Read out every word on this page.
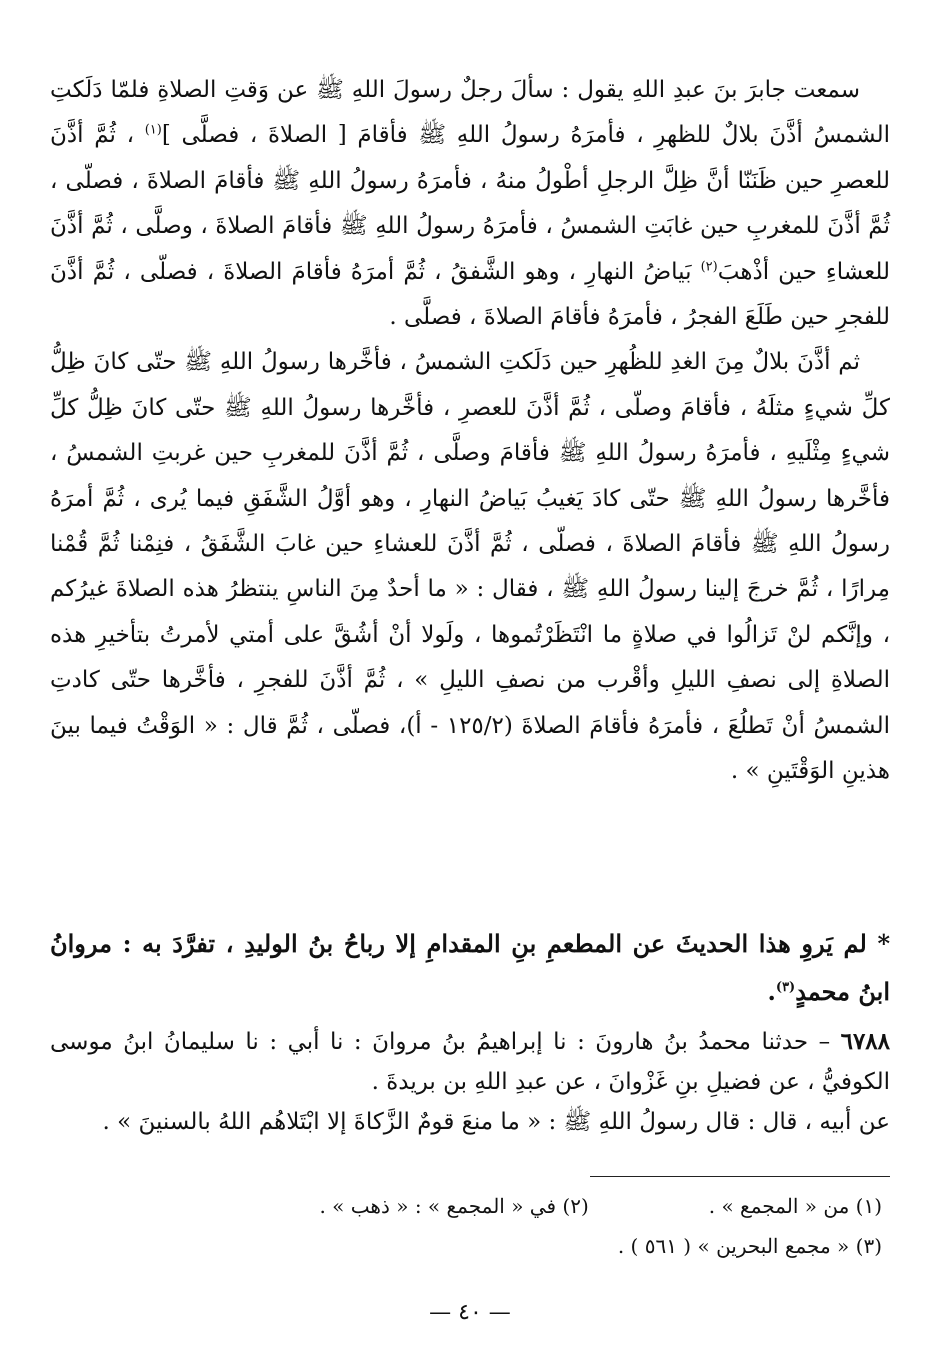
سمعت جابرَ بنَ عبدِ اللهِ يقول : سألَ رجلٌ رسولَ اللهِ ﷺ عن وَقتِ الصلاةِ فلمّا دَلَكتِ الشمسُ أذَّنَ بلالٌ للظهرِ ، فأمرَهُ رسولُ اللهِ ﷺ فأقامَ [ الصلاةَ ، فصلَّى ]$^{(١)}$ ، ثُمَّ أذَّنَ للعصرِ حين ظَنَنّا أنَّ ظِلَّ الرجلِ أطْولُ منهُ ، فأمرَهُ رسولُ اللهِ ﷺ فأقامَ الصلاةَ ، فصلّى ، ثُمَّ أذَّنَ للمغربِ حين غابَتِ الشمسُ ، فأمرَهُ رسولُ اللهِ ﷺ فأقامَ الصلاةَ ، وصلَّى ، ثُمَّ أذَّنَ للعشاءِ حين أذْهبَ$^{(٢)}$ بَياضُ النهارِ ، وهو الشَّفقُ ، ثُمَّ أمرَهُ فأقامَ الصلاةَ ، فصلّى ، ثُمَّ أذَّنَ للفجرِ حين طَلَعَ الفجرُ ، فأمرَهُ فأقامَ الصلاةَ ، فصلَّى .

ثم أذَّنَ بلالٌ مِنَ الغدِ للظُهرِ حين دَلَكتِ الشمسُ ، فأخَّرها رسولُ اللهِ ﷺ حتّى كانَ ظِلُّ كلِّ شيءٍ مثلَهُ ، فأقامَ وصلّى ، ثُمَّ أذَّنَ للعصرِ ، فأخَّرها رسولُ اللهِ ﷺ حتّى كانَ ظِلُّ كلِّ شيءٍ مِثْلَيهِ ، فأمرَهُ رسولُ اللهِ ﷺ فأقامَ وصلَّى ، ثُمَّ أذَّنَ للمغربِ حين غربتِ الشمسُ ، فأخَّرها رسولُ اللهِ ﷺ حتّى كادَ يَغيبُ بَياضُ النهارِ ، وهو أوَّلُ الشَّفَقِ فيما يُرى ، ثُمَّ أمرَهُ رسولُ اللهِ ﷺ فأقامَ الصلاةَ ، فصلّى ، ثُمَّ أذَّنَ للعشاءِ حين غابَ الشَّفَقُ ، فنِمْنا ثُمَّ قُمْنا مِرارًا ، ثُمَّ خرجَ إلينا رسولُ اللهِ ﷺ ، فقال : « ما أحدٌ مِنَ الناسِ ينتظرُ هذه الصلاةَ غيرُكم ، وإنَّكم لنْ تَزالُوا في صلاةٍ ما انْتَظَرْتُموها ، ولَولا أنْ أشُقَّ على أمتي لأمرتُ بتأخيرِ هذه الصلاةِ إلى نصفِ الليلِ وأقْرب من نصفِ الليلِ » ، ثُمَّ أذَّنَ للفجرِ ، فأخَّرها حتّى كادتِ الشمسُ أنْ تَطلُعَ ، فأمرَهُ فأقامَ الصلاةَ (١٢٥/٢ - أ)، فصلّى ، ثُمَّ قال : « الوَقْتُ فيما بينَ هذينِ الوَقْتَينِ » .

* لم يَروِ هذا الحديثَ عن المطعمِ بنِ المقدامِ إلا رباحُ بنُ الوليدِ ، تفرَّدَ به : مروانُ ابنُ محمدٍ$^{(٣)}$.

٦٧٨٨ – حدثنا محمدُ بنُ هارونَ : نا إبراهيمُ بنُ مروانَ : نا أبي : نا سليمانُ ابنُ موسى الكوفيُّ ، عن فضيلِ بنِ غَزْوانَ ، عن عبدِ اللهِ بن بريدةَ .

عن أبيه ، قال : قال رسولُ اللهِ ﷺ : « ما منعَ قومٌ الزَّكاةَ إلا ابْتَلاهُم اللهُ بالسنينَ » .

(١) من « المجمع » .
(٢) في « المجمع » : « ذهب » .
(٣) « مجمع البحرين » ( ٥٦١ ) .
— ٤٠ —
